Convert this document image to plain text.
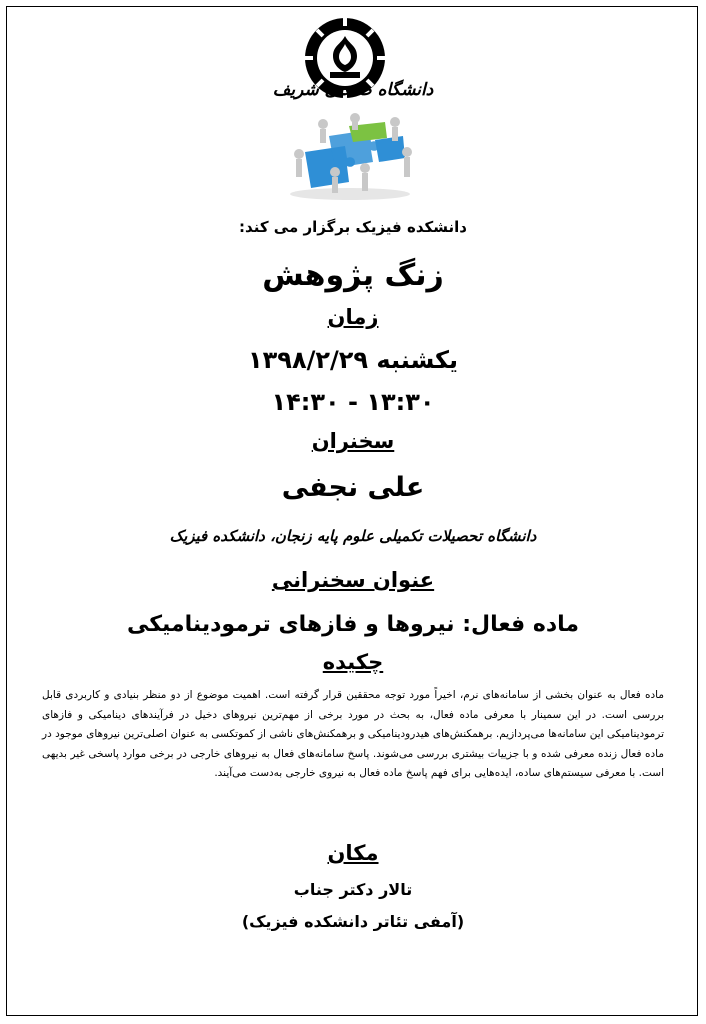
دانشگاه صنعتی شریف
دانشکده فیزیک برگزار می کند:
زنگ پژوهش
زمان
یکشنبه ۱۳۹۸/۲/۲۹
۱۳:۳۰ - ۱۴:۳۰
سخنران
علی نجفی
دانشگاه تحصیلات تکمیلی علوم پایه زنجان، دانشکده فیزیک
عنوان سخنرانی
ماده فعال: نیروها و فازهای ترمودینامیکی
چکیده
ماده فعال به عنوان بخشی از سامانه‌های نرم، اخیراً مورد توجه محققین قرار گرفته است. اهمیت موضوع از دو منظر بنیادی و کاربردی قابل بررسی است. در این سمینار با معرفی ماده فعال، به بحث در مورد برخی از مهم‌ترین نیروهای دخیل در فرآیندهای دینامیکی و فازهای ترمودینامیکی این سامانه‌ها می‌پردازیم. برهمکنش‌های هیدرودینامیکی و برهمکنش‌های ناشی از کموتکسی به عنوان اصلی‌ترین نیروهای موجود در ماده فعال زنده معرفی شده و با جزییات بیشتری بررسی می‌شوند. پاسخ سامانه‌های فعال به نیروهای خارجی در برخی موارد پاسخی غیر بدیهی است. با معرفی سیستم‌های ساده، ایده‌هایی برای فهم پاسخ ماده فعال به نیروی خارجی به‌دست می‌آیند.
مکان
تالار دکتر جناب
(آمفی تئاتر دانشکده فیزیک)
